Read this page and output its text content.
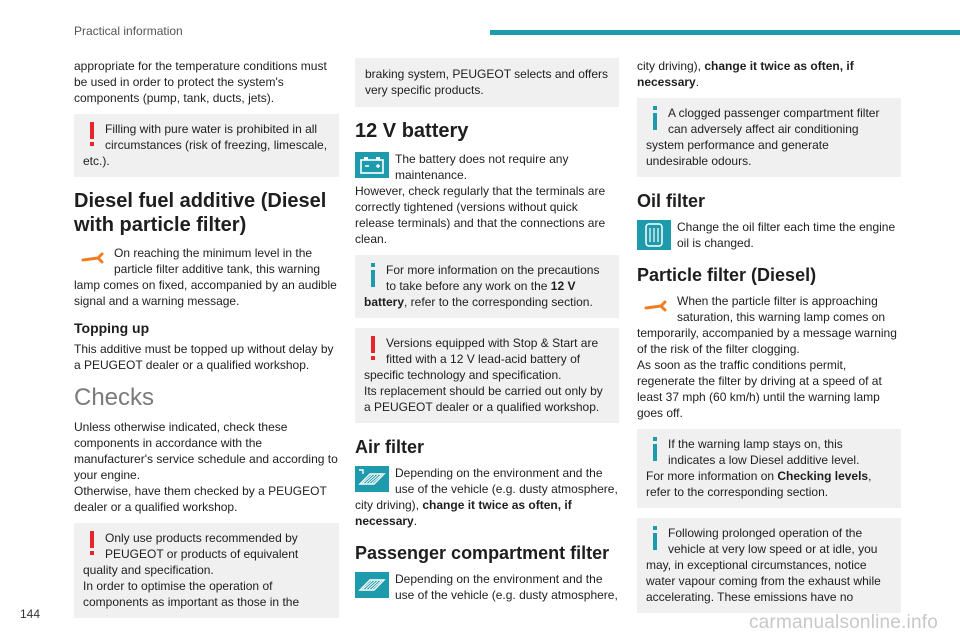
Practical information

appropriate for the temperature conditions must be used in order to protect the system's components (pump, tank, ducts, jets).

Filling with pure water is prohibited in all circumstances (risk of freezing, limescale, etc.).

Diesel fuel additive (Diesel with particle filter)

On reaching the minimum level in the particle filter additive tank, this warning lamp comes on fixed, accompanied by an audible signal and a warning message.

Topping up

This additive must be topped up without delay by a PEUGEOT dealer or a qualified workshop.

Checks

Unless otherwise indicated, check these components in accordance with the manufacturer's service schedule and according to your engine.

Otherwise, have them checked by a PEUGEOT dealer or a qualified workshop.

Only use products recommended by PEUGEOT or products of equivalent quality and specification.

In order to optimise the operation of components as important as those in the

braking system, PEUGEOT selects and offers very specific products.

12 V battery

The battery does not require any maintenance.

However, check regularly that the terminals are correctly tightened (versions without quick release terminals) and that the connections are clean.

For more information on the precautions to take before any work on the 12 V battery, refer to the corresponding section.

Versions equipped with Stop & Start are fitted with a 12 V lead-acid battery of specific technology and specification.

Its replacement should be carried out only by a PEUGEOT dealer or a qualified workshop.

Air filter

Depending on the environment and the use of the vehicle (e.g. dusty atmosphere, city driving), change it twice as often, if necessary.

Passenger compartment filter

Depending on the environment and the use of the vehicle (e.g. dusty atmosphere,

city driving), change it twice as often, if necessary.

A clogged passenger compartment filter can adversely affect air conditioning system performance and generate undesirable odours.

Oil filter

Change the oil filter each time the engine oil is changed.

Particle filter (Diesel)

When the particle filter is approaching saturation, this warning lamp comes on temporarily, accompanied by a message warning of the risk of the filter clogging.

As soon as the traffic conditions permit, regenerate the filter by driving at a speed of at least 37 mph (60 km/h) until the warning lamp goes off.

If the warning lamp stays on, this indicates a low Diesel additive level.

For more information on Checking levels, refer to the corresponding section.

Following prolonged operation of the vehicle at very low speed or at idle, you may, in exceptional circumstances, notice water vapour coming from the exhaust while accelerating. These emissions have no

144	carmanualsonline.info
